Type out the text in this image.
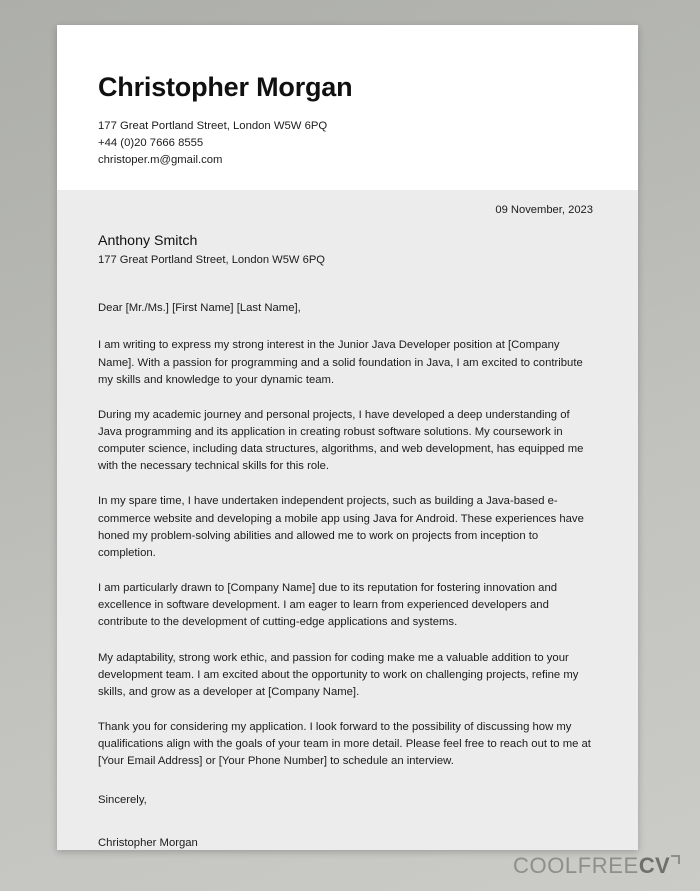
Christopher Morgan
177 Great Portland Street, London W5W 6PQ
+44 (0)20 7666 8555
christoper.m@gmail.com
09 November, 2023
Anthony Smitch
177 Great Portland Street, London W5W 6PQ

Dear [Mr./Ms.] [First Name] [Last Name],

I am writing to express my strong interest in the Junior Java Developer position at [Company Name]. With a passion for programming and a solid foundation in Java, I am excited to contribute my skills and knowledge to your dynamic team.

During my academic journey and personal projects, I have developed a deep understanding of Java programming and its application in creating robust software solutions. My coursework in computer science, including data structures, algorithms, and web development, has equipped me with the necessary technical skills for this role.

In my spare time, I have undertaken independent projects, such as building a Java-based e-commerce website and developing a mobile app using Java for Android. These experiences have honed my problem-solving abilities and allowed me to work on projects from inception to completion.

I am particularly drawn to [Company Name] due to its reputation for fostering innovation and excellence in software development. I am eager to learn from experienced developers and contribute to the development of cutting-edge applications and systems.

My adaptability, strong work ethic, and passion for coding make me a valuable addition to your development team. I am excited about the opportunity to work on challenging projects, refine my skills, and grow as a developer at [Company Name].

Thank you for considering my application. I look forward to the possibility of discussing how my qualifications align with the goals of your team in more detail. Please feel free to reach out to me at [Your Email Address] or [Your Phone Number] to schedule an interview.

Sincerely,

Christopher Morgan

COOLFREE CV
